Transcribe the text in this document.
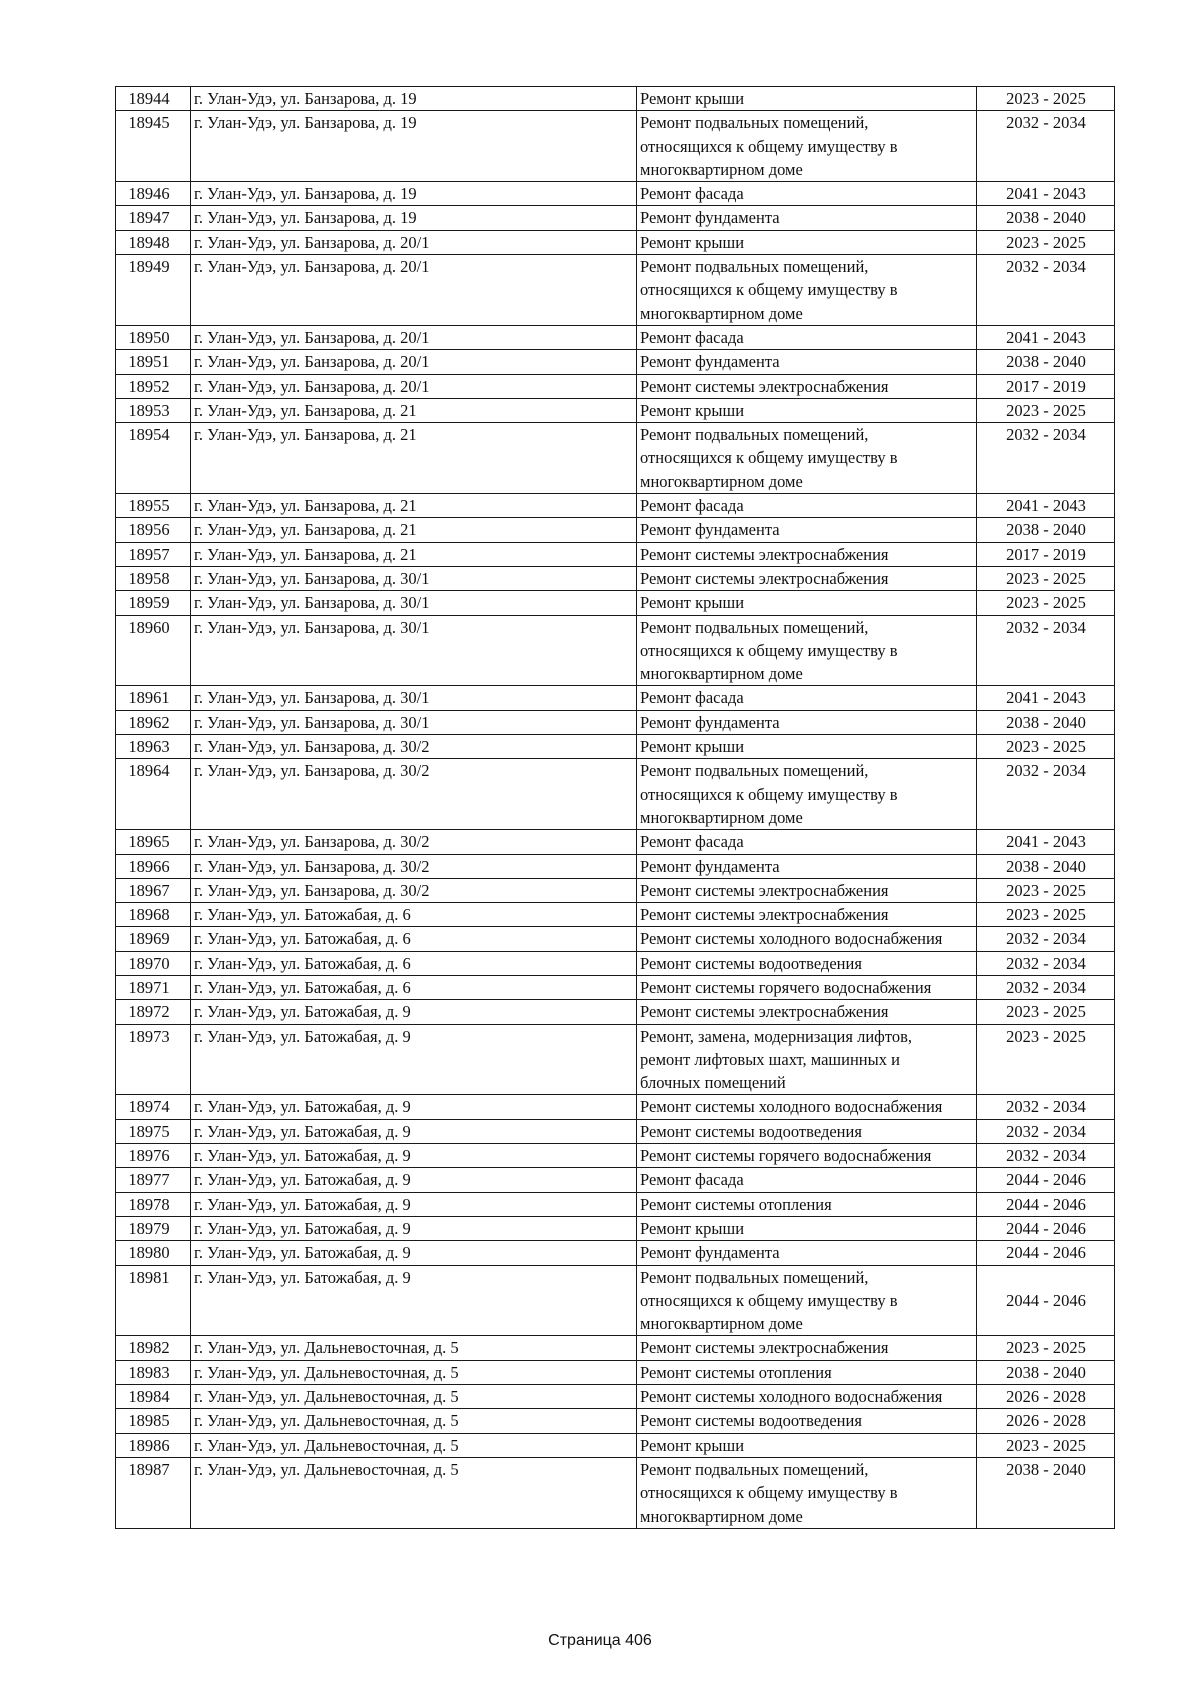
18944	г. Улан-Удэ, ул. Банзарова, д. 19	Ремонт крыши	2023 - 2025
18945	г. Улан-Удэ, ул. Банзарова, д. 19	Ремонт подвальных помещений,
относящихся к общему имуществу в
многоквартирном доме	2032 - 2034
18946	г. Улан-Удэ, ул. Банзарова, д. 19	Ремонт фасада	2041 - 2043
18947	г. Улан-Удэ, ул. Банзарова, д. 19	Ремонт фундамента	2038 - 2040
18948	г. Улан-Удэ, ул. Банзарова, д. 20/1	Ремонт крыши	2023 - 2025
18949	г. Улан-Удэ, ул. Банзарова, д. 20/1	Ремонт подвальных помещений,
относящихся к общему имуществу в
многоквартирном доме	2032 - 2034
18950	г. Улан-Удэ, ул. Банзарова, д. 20/1	Ремонт фасада	2041 - 2043
18951	г. Улан-Удэ, ул. Банзарова, д. 20/1	Ремонт фундамента	2038 - 2040
18952	г. Улан-Удэ, ул. Банзарова, д. 20/1	Ремонт системы электроснабжения	2017 - 2019
18953	г. Улан-Удэ, ул. Банзарова, д. 21	Ремонт крыши	2023 - 2025
18954	г. Улан-Удэ, ул. Банзарова, д. 21	Ремонт подвальных помещений,
относящихся к общему имуществу в
многоквартирном доме	2032 - 2034
18955	г. Улан-Удэ, ул. Банзарова, д. 21	Ремонт фасада	2041 - 2043
18956	г. Улан-Удэ, ул. Банзарова, д. 21	Ремонт фундамента	2038 - 2040
18957	г. Улан-Удэ, ул. Банзарова, д. 21	Ремонт системы электроснабжения	2017 - 2019
18958	г. Улан-Удэ, ул. Банзарова, д. 30/1	Ремонт системы электроснабжения	2023 - 2025
18959	г. Улан-Удэ, ул. Банзарова, д. 30/1	Ремонт крыши	2023 - 2025
18960	г. Улан-Удэ, ул. Банзарова, д. 30/1	Ремонт подвальных помещений,
относящихся к общему имуществу в
многоквартирном доме	2032 - 2034
18961	г. Улан-Удэ, ул. Банзарова, д. 30/1	Ремонт фасада	2041 - 2043
18962	г. Улан-Удэ, ул. Банзарова, д. 30/1	Ремонт фундамента	2038 - 2040
18963	г. Улан-Удэ, ул. Банзарова, д. 30/2	Ремонт крыши	2023 - 2025
18964	г. Улан-Удэ, ул. Банзарова, д. 30/2	Ремонт подвальных помещений,
относящихся к общему имуществу в
многоквартирном доме	2032 - 2034
18965	г. Улан-Удэ, ул. Банзарова, д. 30/2	Ремонт фасада	2041 - 2043
18966	г. Улан-Удэ, ул. Банзарова, д. 30/2	Ремонт фундамента	2038 - 2040
18967	г. Улан-Удэ, ул. Банзарова, д. 30/2	Ремонт системы электроснабжения	2023 - 2025
18968	г. Улан-Удэ, ул. Батожабая, д. 6	Ремонт системы электроснабжения	2023 - 2025
18969	г. Улан-Удэ, ул. Батожабая, д. 6	Ремонт системы холодного водоснабжения	2032 - 2034
18970	г. Улан-Удэ, ул. Батожабая, д. 6	Ремонт системы водоотведения	2032 - 2034
18971	г. Улан-Удэ, ул. Батожабая, д. 6	Ремонт системы горячего водоснабжения	2032 - 2034
18972	г. Улан-Удэ, ул. Батожабая, д. 9	Ремонт системы электроснабжения	2023 - 2025
18973	г. Улан-Удэ, ул. Батожабая, д. 9	Ремонт, замена, модернизация лифтов,
ремонт лифтовых шахт, машинных и
блочных помещений	2023 - 2025
18974	г. Улан-Удэ, ул. Батожабая, д. 9	Ремонт системы холодного водоснабжения	2032 - 2034
18975	г. Улан-Удэ, ул. Батожабая, д. 9	Ремонт системы водоотведения	2032 - 2034
18976	г. Улан-Удэ, ул. Батожабая, д. 9	Ремонт системы горячего водоснабжения	2032 - 2034
18977	г. Улан-Удэ, ул. Батожабая, д. 9	Ремонт фасада	2044 - 2046
18978	г. Улан-Удэ, ул. Батожабая, д. 9	Ремонт системы отопления	2044 - 2046
18979	г. Улан-Удэ, ул. Батожабая, д. 9	Ремонт крыши	2044 - 2046
18980	г. Улан-Удэ, ул. Батожабая, д. 9	Ремонт фундамента	2044 - 2046
18981	г. Улан-Удэ, ул. Батожабая, д. 9	Ремонт подвальных помещений,
относящихся к общему имуществу в
многоквартирном доме	2044 - 2046
18982	г. Улан-Удэ, ул. Дальневосточная, д. 5	Ремонт системы электроснабжения	2023 - 2025
18983	г. Улан-Удэ, ул. Дальневосточная, д. 5	Ремонт системы отопления	2038 - 2040
18984	г. Улан-Удэ, ул. Дальневосточная, д. 5	Ремонт системы холодного водоснабжения	2026 - 2028
18985	г. Улан-Удэ, ул. Дальневосточная, д. 5	Ремонт системы водоотведения	2026 - 2028
18986	г. Улан-Удэ, ул. Дальневосточная, д. 5	Ремонт крыши	2023 - 2025
18987	г. Улан-Удэ, ул. Дальневосточная, д. 5	Ремонт подвальных помещений,
относящихся к общему имуществу в
многоквартирном доме	2038 - 2040
Страница 406
